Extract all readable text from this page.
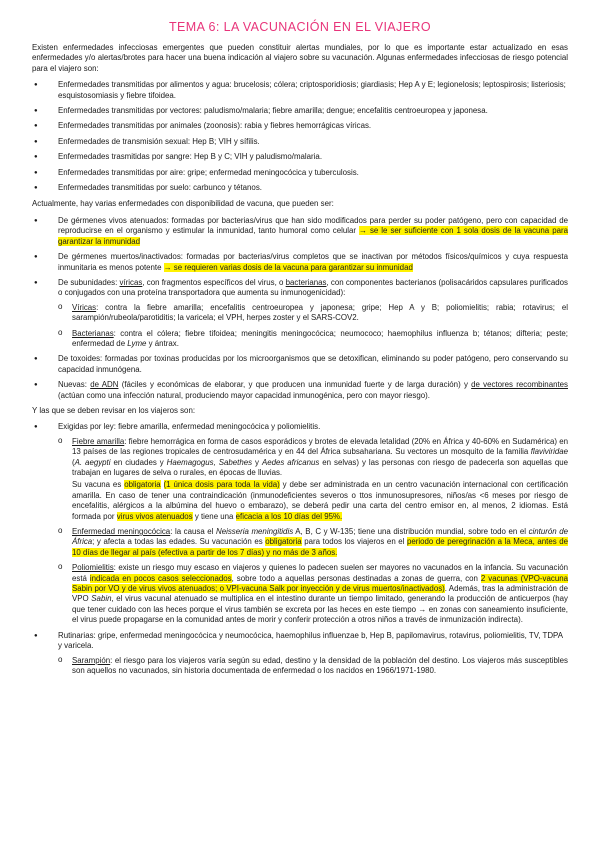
TEMA 6: LA VACUNACIÓN EN EL VIAJERO

Existen enfermedades infecciosas emergentes que pueden constituir alertas mundiales, por lo que es importante estar actualizado en esas enfermedades y/o alertas/brotes para hacer una buena indicación al viajero sobre su vacunación. Algunas enfermedades infecciosas de riesgo potencial para el viajero son:

● Enfermedades transmitidas por alimentos y agua: brucelosis; cólera; criptosporidiosis; giardiasis; Hep A y E; legionelosis; leptospirosis; listeriosis; esquistosomiasis y fiebre tifoidea.
● Enfermedades transmitidas por vectores: paludismo/malaria; fiebre amarilla; dengue; encefalitis centroeuropea y japonesa.
● Enfermedades transmitidas por animales (zoonosis): rabia y fiebres hemorrágicas víricas.
● Enfermedades de transmisión sexual: Hep B; VIH y sífilis.
● Enfermedades trasmitidas por sangre: Hep B y C; VIH y paludismo/malaria.
● Enfermedades transmitidas por aire: gripe; enfermedad meningocócica y tuberculosis.
● Enfermedades transmitidas por suelo: carbunco y tétanos.

Actualmente, hay varias enfermedades con disponibilidad de vacuna, que pueden ser:

● De gérmenes vivos atenuados: formadas por bacterias/virus que han sido modificados para perder su poder patógeno, pero con capacidad de reproducirse en el organismo y estimular la inmunidad, tanto humoral como celular → se le ser suficiente con 1 sola dosis de la vacuna para garantizar la inmunidad
● De gérmenes muertos/inactivados: formadas por bacterias/virus completos que se inactivan por métodos físicos/químicos y cuya respuesta inmunitaria es menos potente → se requieren varias dosis de la vacuna para garantizar su inmunidad
● De subunidades: víricas, con fragmentos específicos del virus, o bacterianas, con componentes bacterianos (polisacáridos capsulares purificados o conjugados con una proteína transportadora que aumenta su inmunogenicidad):
o Víricas: contra la fiebre amarilla; encefalitis centroeuropea y japonesa; gripe; Hep A y B; poliomielitis; rabia; rotavirus; el sarampión/rubeola/parotiditis; la varicela; el VPH, herpes zoster y el SARS-COV2.
o Bacterianas: contra el cólera; fiebre tifoidea; meningitis meningocócica; neumococo; haemophilus influenza b; tétanos; difteria; peste; enfermedad de Lyme y ántrax.
● De toxoides: formadas por toxinas producidas por los microorganismos que se detoxifican, eliminando su poder patógeno, pero conservando su capacidad inmunógena.
● Nuevas: de ADN (fáciles y económicas de elaborar, y que producen una inmunidad fuerte y de larga duración) y de vectores recombinantes (actúan como una infección natural, produciendo mayor capacidad inmunogénica, pero con mayor riesgo).

Y las que se deben revisar en los viajeros son:

● Exigidas por ley: fiebre amarilla, enfermedad meningocócica y poliomielitis.
o Fiebre amarilla: fiebre hemorrágica en forma de casos esporádicos y brotes de elevada letalidad (20% en África y 40-60% en Sudamérica) en 13 países de las regiones tropicales de centrosudamérica y en 44 del África subsahariana. Su vectores un mosquito de la familia flaviviridae (A. aegypti en ciudades y Haemagogus, Sabethes y Aedes africanus en selvas) y las personas con riesgo de padecerla son aquellas que trabajan en lugares de selva o rurales, en épocas de lluvias.
Su vacuna es obligatoria (1 única dosis para toda la vida) y debe ser administrada en un centro vacunación internacional con certificación amarilla. En caso de tener una contraindicación (inmunodeficientes severos o ttos inmunosupresores, niños/as <6 meses por riesgo de encefalitis, alérgicos a la albúmina del huevo o embarazo), se deberá pedir una carta del centro emisor en, al menos, 2 idiomas. Está formada por virus vivos atenuados y tiene una eficacia a los 10 días del 95%.
o Enfermedad meningocócica: la causa el Neisseria meningitidis A, B, C y W-135; tiene una distribución mundial, sobre todo en el cinturón de África; y afecta a todas las edades. Su vacunación es obligatoria para todos los viajeros en el periodo de peregrinación a la Meca, antes de 10 días de llegar al país (efectiva a partir de los 7 días) y no más de 3 años.
o Poliomielitis: existe un riesgo muy escaso en viajeros y quienes lo padecen suelen ser mayores no vacunados en la infancia. Su vacunación está indicada en pocos casos seleccionados, sobre todo a aquellas personas destinadas a zonas de guerra, con 2 vacunas (VPO-vacuna Sabin por VO y de virus vivos atenuados; o VPI-vacuna Salk por inyección y de virus muertos/inactivados). Además, tras la administración de VPO Sabin, el virus vacunal atenuado se multiplica en el intestino durante un tiempo limitado, generando la producción de anticuerpos (hay que tener cuidado con las heces porque el virus también se excreta por las heces en este tiempo → en zonas con saneamiento insuficiente, el virus puede propagarse en la comunidad antes de morir y conferir protección a otros niños a través de inmunización indirecta).
● Rutinarias: gripe, enfermedad meningocócica y neumocócica, haemophilus influenzae b, Hep B, papilomavirus, rotavirus, poliomielitis, TV, TDPA y varicela.
o Sarampión: el riesgo para los viajeros varía según su edad, destino y la densidad de la población del destino. Los viajeros más susceptibles son aquellos no vacunados, sin historia documentada de enfermedad o los nacidos en 1966/1971-1980.
